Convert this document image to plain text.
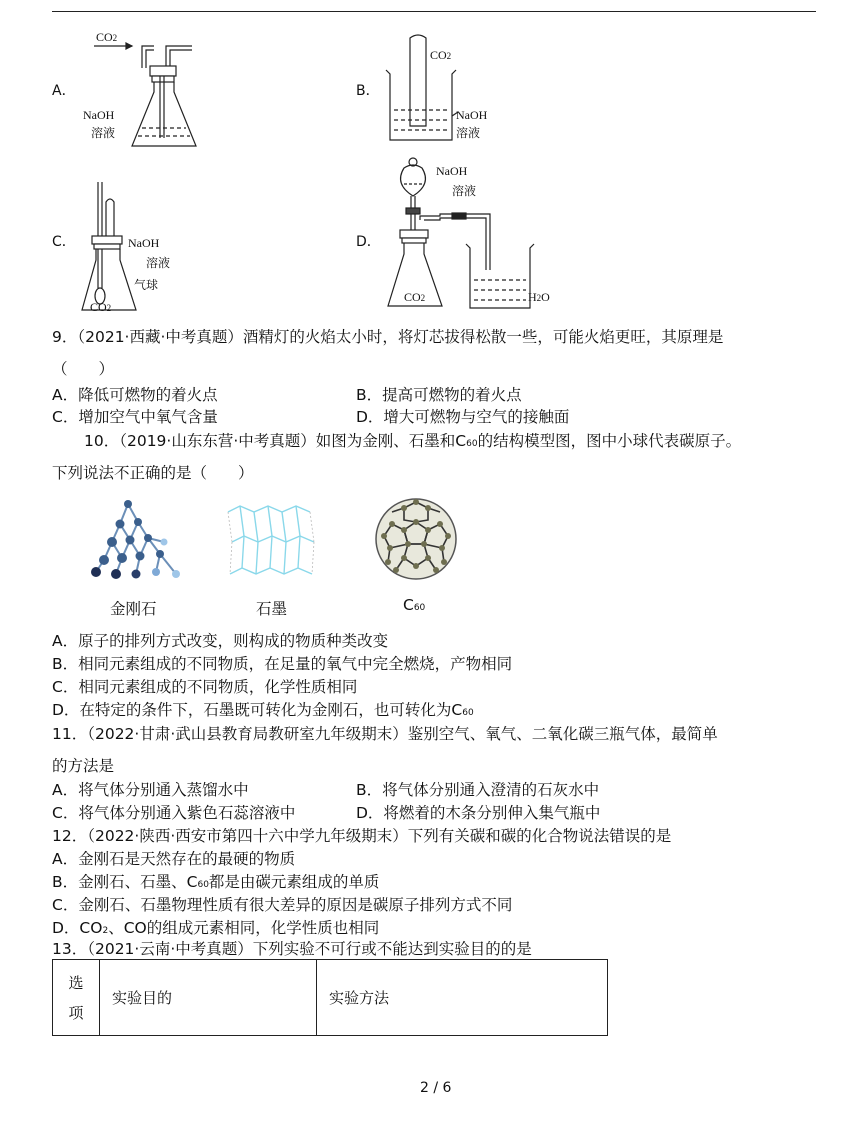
A．
CO2
NaOH
溶液
B．
CO2
NaOH
溶液
C．	NaOH
溶液
气球
CO2
D．
NaOH
溶液
CO2	H2O
9．（2021·西藏·中考真题）酒精灯的火焰太小时，将灯芯拔得松散一些，可能火焰更旺，其原理是
（　　）
A．降低可燃物的着火点	B．提高可燃物的着火点
C．增加空气中氧气含量	D．增大可燃物与空气的接触面
10．（2019·山东东营·中考真题）如图为金刚、石墨和C60的结构模型图，图中小球代表碳原子。
下列说法不正确的是（　　）
金刚石	石墨	C60
A．原子的排列方式改变，则构成的物质种类改变
B．相同元素组成的不同物质，在足量的氧气中完全燃烧，产物相同
C．相同元素组成的不同物质，化学性质相同
D．在特定的条件下，石墨既可转化为金刚石，也可转化为C60
11．（2022·甘肃·武山县教育局教研室九年级期末）鉴别空气、氧气、二氧化碳三瓶气体，最简单
的方法是
A．将气体分别通入蒸馏水中	B．将气体分别通入澄清的石灰水中
C．将气体分别通入紫色石蕊溶液中	D．将燃着的木条分别伸入集气瓶中
12．（2022·陕西·西安市第四十六中学九年级期末）下列有关碳和碳的化合物说法错误的是
A．金刚石是天然存在的最硬的物质
B．金刚石、石墨、C60都是由碳元素组成的单质
C．金刚石、石墨物理性质有很大差异的原因是碳原子排列方式不同
D．CO2、CO的组成元素相同，化学性质也相同
13．（2021·云南·中考真题）下列实验不可行或不能达到实验目的的是
选
项	实验目的	实验方法
2 / 6
